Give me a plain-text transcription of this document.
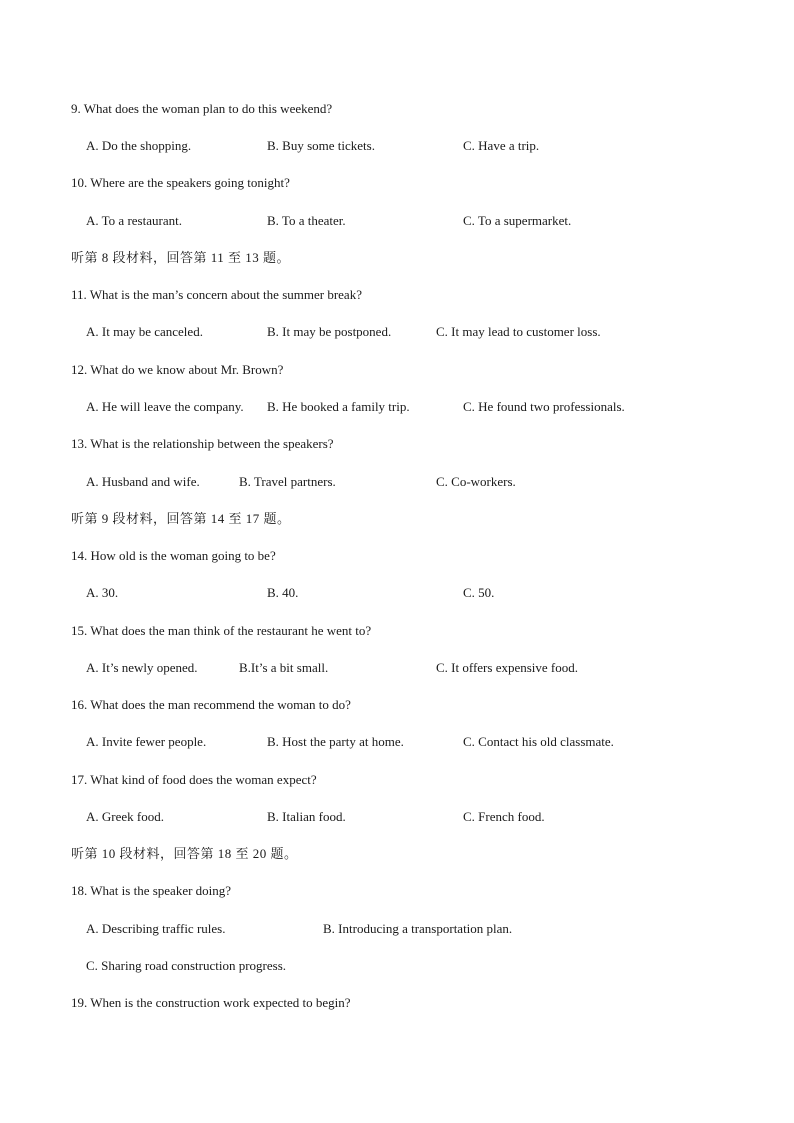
9. What does the woman plan to do this weekend?
A. Do the shopping.	B. Buy some tickets.	C. Have a trip.
10. Where are the speakers going tonight?
A. To a restaurant.	B. To a theater.	C. To a supermarket.
听第 8 段材料，回答第 11 至 13 题。
11. What is the man’s concern about the summer break?
A. It may be canceled.	B. It may be postponed.	C. It may lead to customer loss.
12. What do we know about Mr. Brown?
A. He will leave the company. B. He booked a family trip.	C. He found two professionals.
13. What is the relationship between the speakers?
A. Husband and wife.	B. Travel partners.	C. Co-workers.
听第 9 段材料，回答第 14 至 17 题。
14. How old is the woman going to be?
A. 30.	B. 40.	C. 50.
15. What does the man think of the restaurant he went to?
A. It’s newly opened.	B.It’s a bit small.	C. It offers expensive food.
16. What does the man recommend the woman to do?
A. Invite fewer people.	B. Host the party at home.	C. Contact his old classmate.
17. What kind of food does the woman expect?
A. Greek food.	B. Italian food.	C. French food.
听第 10 段材料，回答第 18 至 20 题。
18. What is the speaker doing?
A. Describing traffic rules.	B. Introducing a transportation plan.
C. Sharing road construction progress.
19. When is the construction work expected to begin?
